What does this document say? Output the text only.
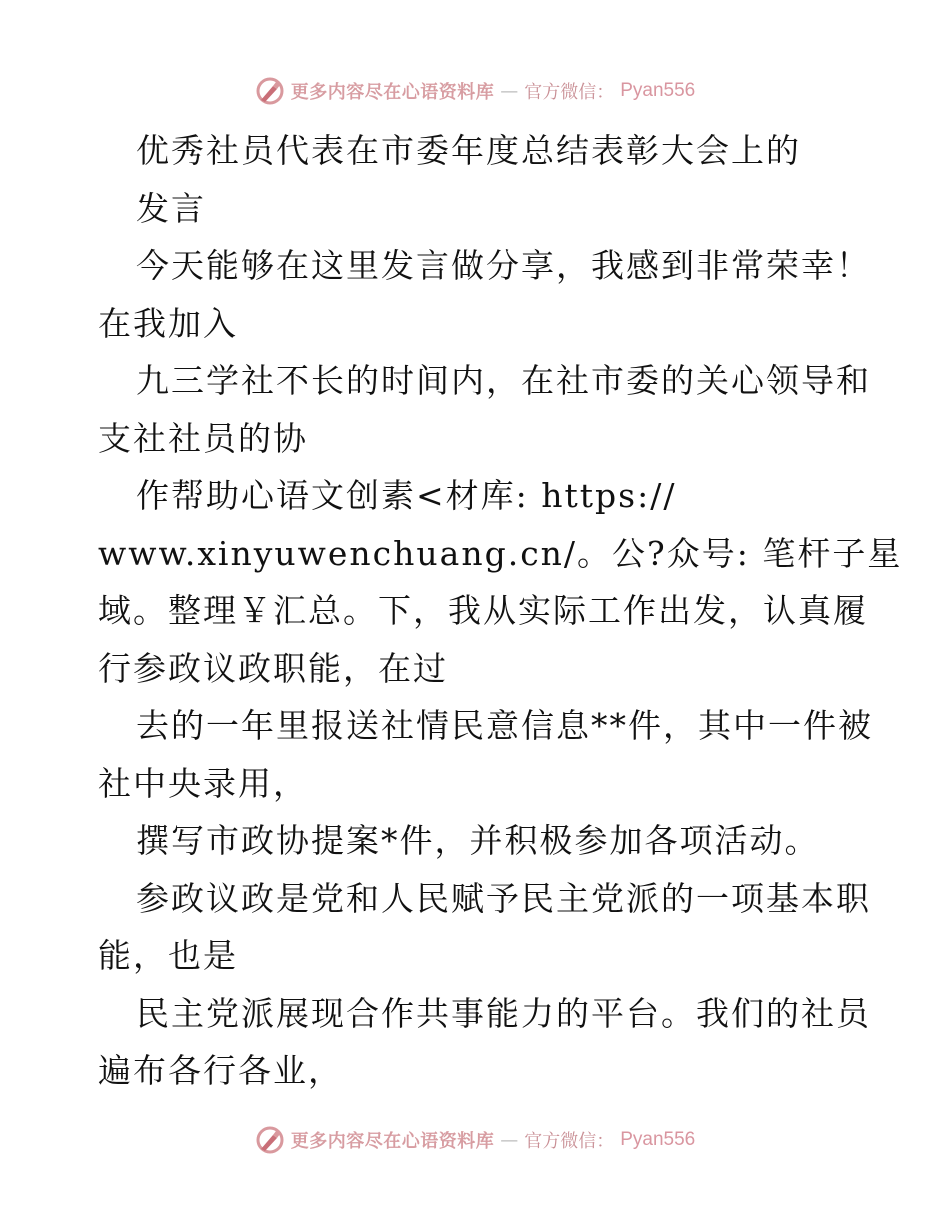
更多内容尽在心语资料库 — 官方微信： Pyan556
优秀社员代表在市委年度总结表彰大会上的
发言
今天能够在这里发言做分享，我感到非常荣幸！
在我加入
九三学社不长的时间内，在社市委的关心领导和
支社社员的协
作帮助心语文创素<材库: https://
www.xinyuwenchuang.cn/。公?众号: 笔杆子星
域。整理￥汇总。下，我从实际工作出发，认真履
行参政议政职能，在过
去的一年里报送社情民意信息**件，其中一件被
社中央录用，
撰写市政协提案*件，并积极参加各项活动。
参政议政是党和人民赋予民主党派的一项基本职
能，也是
民主党派展现合作共事能力的平台。我们的社员
遍布各行各业，
更多内容尽在心语资料库 — 官方微信： Pyan556
